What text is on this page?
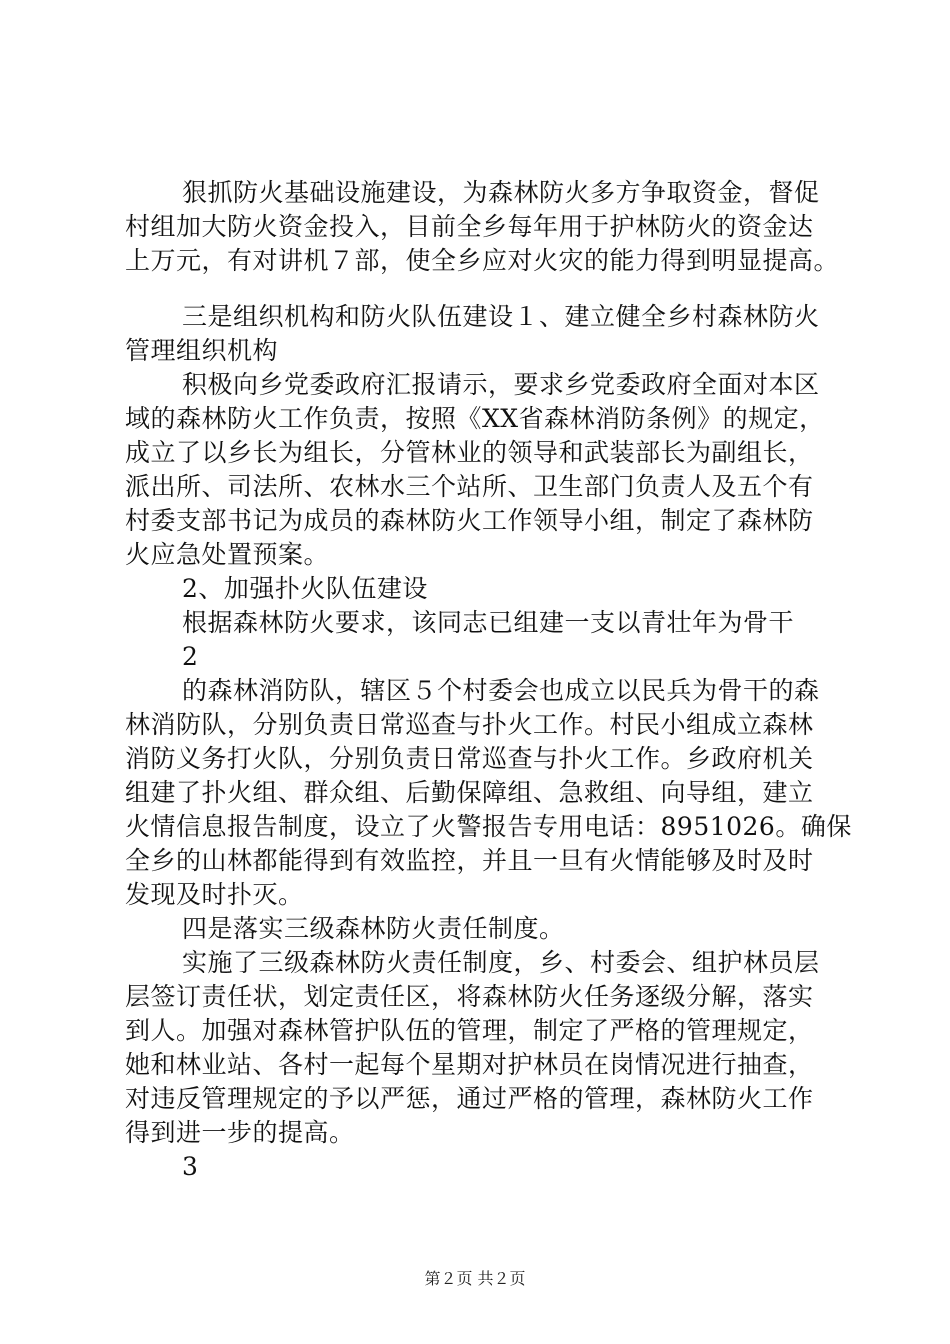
狠抓防火基础设施建设，为森林防火多方争取资金，督促
村组加大防火资金投入，目前全乡每年用于护林防火的资金达
上万元，有对讲机７部，使全乡应对火灾的能力得到明显提高。
三是组织机构和防火队伍建设１、建立健全乡村森林防火
管理组织机构
积极向乡党委政府汇报请示，要求乡党委政府全面对本区
域的森林防火工作负责，按照《XX省森林消防条例》的规定，
成立了以乡长为组长，分管林业的领导和武装部长为副组长，
派出所、司法所、农林水三个站所、卫生部门负责人及五个有
村委支部书记为成员的森林防火工作领导小组，制定了森林防
火应急处置预案。
2、加强扑火队伍建设
根据森林防火要求，该同志已组建一支以青壮年为骨干
2
的森林消防队，辖区５个村委会也成立以民兵为骨干的森
林消防队，分别负责日常巡查与扑火工作。村民小组成立森林
消防义务打火队，分别负责日常巡查与扑火工作。乡政府机关
组建了扑火组、群众组、后勤保障组、急救组、向导组，建立
火情信息报告制度，设立了火警报告专用电话：8951026。确保
全乡的山林都能得到有效监控，并且一旦有火情能够及时及时
发现及时扑灭。
四是落实三级森林防火责任制度。
实施了三级森林防火责任制度，乡、村委会、组护林员层
层签订责任状，划定责任区，将森林防火任务逐级分解，落实
到人。加强对森林管护队伍的管理，制定了严格的管理规定，
她和林业站、各村一起每个星期对护林员在岗情况进行抽查，
对违反管理规定的予以严惩，通过严格的管理，森林防火工作
得到进一步的提高。
3
第２页 共２页
